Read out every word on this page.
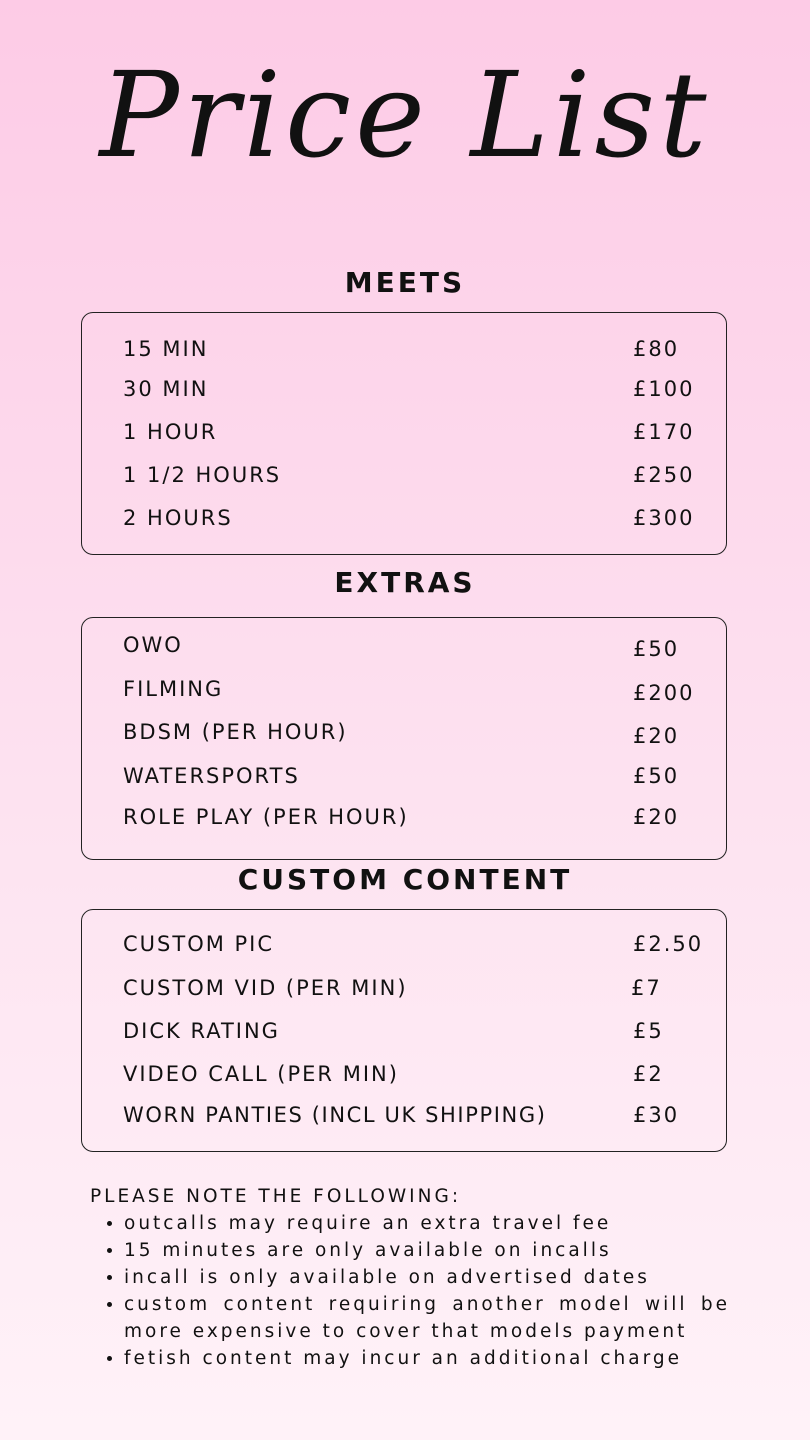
Price List
MEETS
15 MIN	£80
30 MIN	£100
1 HOUR	£170
1 1/2 HOURS	£250
2 HOURS	£300
EXTRAS
OWO	£50
FILMING	£200
BDSM (PER HOUR)	£20
WATERSPORTS	£50
ROLE PLAY (PER HOUR)	£20
CUSTOM CONTENT
CUSTOM PIC	£2.50
CUSTOM VID (PER MIN)	£7
DICK RATING	£5
VIDEO CALL (PER MIN)	£2
WORN PANTIES (INCL UK SHIPPING)	£30

PLEASE NOTE THE FOLLOWING:

• outcalls may require an extra travel fee
• 15 minutes are only available on incalls
• incall is only available on advertised dates
• custom content requiring another model will be more expensive to cover that models payment
• fetish content may incur an additional charge
